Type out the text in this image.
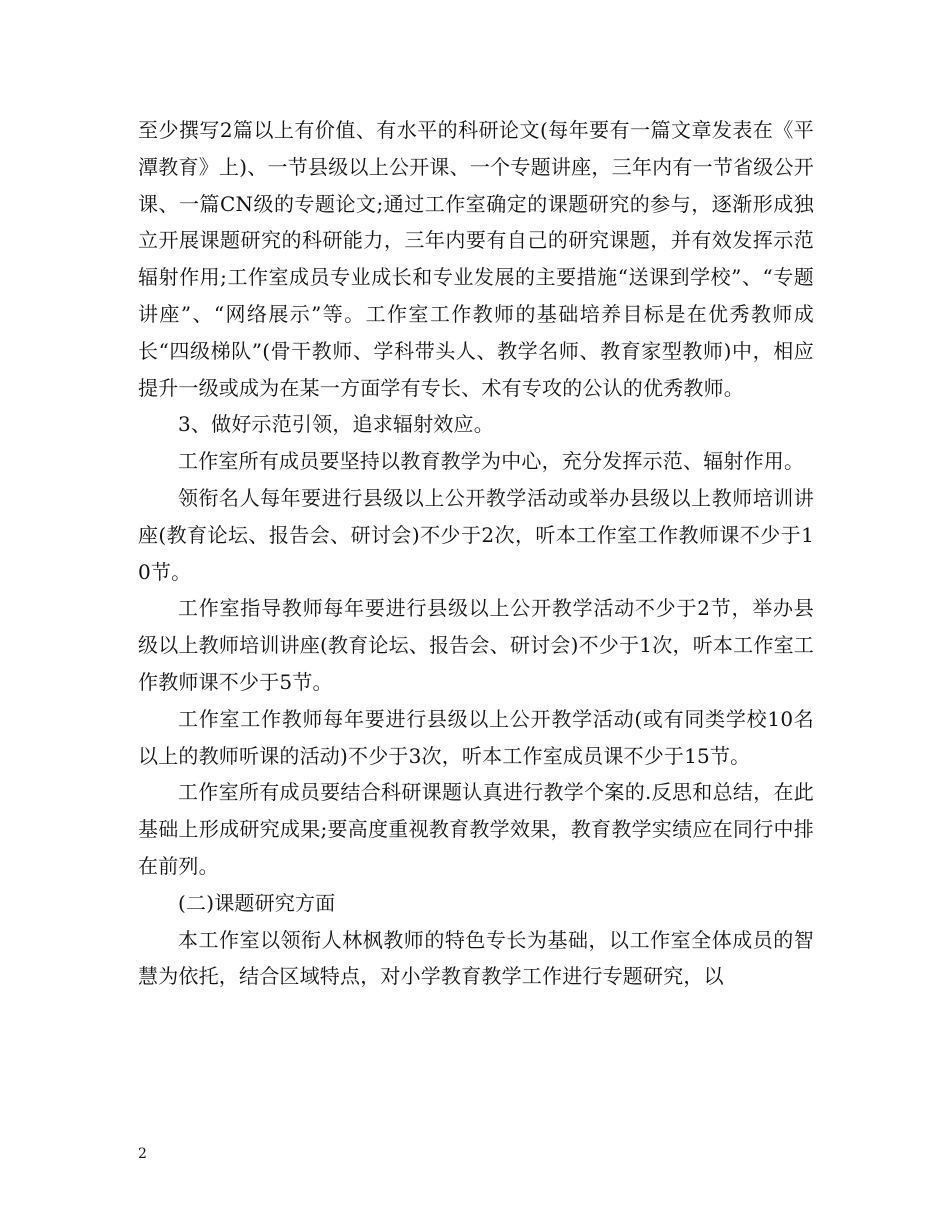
至少撰写2篇以上有价值、有水平的科研论文(每年要有一篇文章发表在《平潭教育》上)、一节县级以上公开课、一个专题讲座，三年内有一节省级公开课、一篇CN级的专题论文;通过工作室确定的课题研究的参与，逐渐形成独立开展课题研究的科研能力，三年内要有自己的研究课题，并有效发挥示范辐射作用;工作室成员专业成长和专业发展的主要措施“送课到学校”、“专题讲座”、“网络展示”等。工作室工作教师的基础培养目标是在优秀教师成长“四级梯队”(骨干教师、学科带头人、教学名师、教育家型教师)中，相应提升一级或成为在某一方面学有专长、术有专攻的公认的优秀教师。

3、做好示范引领，追求辐射效应。

工作室所有成员要坚持以教育教学为中心，充分发挥示范、辐射作用。

领衔名人每年要进行县级以上公开教学活动或举办县级以上教师培训讲座(教育论坛、报告会、研讨会)不少于2次，听本工作室工作教师课不少于10节。

工作室指导教师每年要进行县级以上公开教学活动不少于2节，举办县级以上教师培训讲座(教育论坛、报告会、研讨会)不少于1次，听本工作室工作教师课不少于5节。

工作室工作教师每年要进行县级以上公开教学活动(或有同类学校10名以上的教师听课的活动)不少于3次，听本工作室成员课不少于15节。

工作室所有成员要结合科研课题认真进行教学个案的.反思和总结，在此基础上形成研究成果;要高度重视教育教学效果，教育教学实绩应在同行中排在前列。

(二)课题研究方面

本工作室以领衔人林枫教师的特色专长为基础，以工作室全体成员的智慧为依托，结合区域特点，对小学教育教学工作进行专题研究，以

2
